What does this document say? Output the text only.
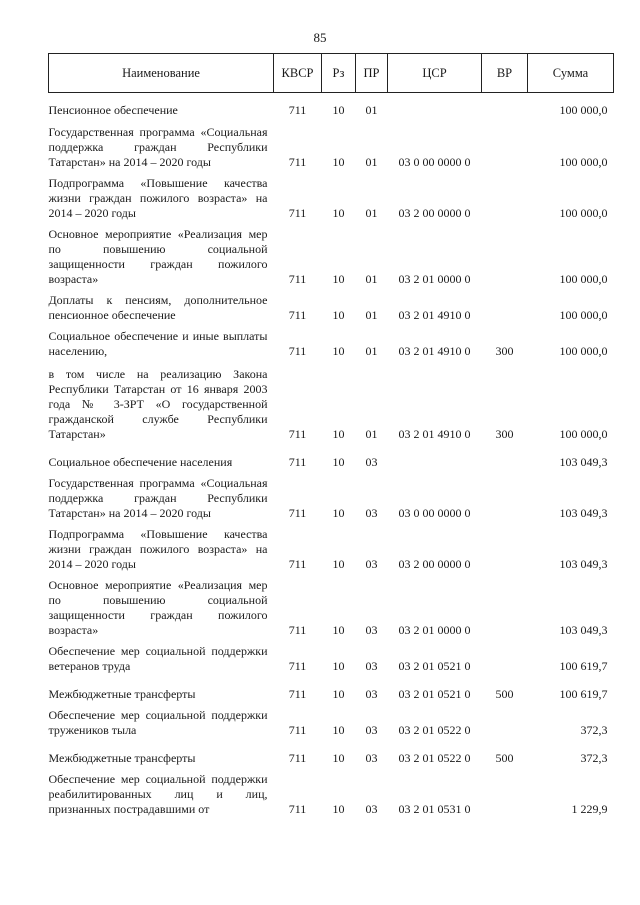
85
Наименование	КВСР	Рз	ПР	ЦСР	ВР	Сумма
Пенсионное обеспечение	711	10	01			100 000,0
Государственная программа «Социальная поддержка граждан Республики Татарстан» на 2014 – 2020 годы	711	10	01	03 0 00 0000 0		100 000,0
Подпрограмма «Повышение качества жизни граждан пожилого возраста» на 2014 – 2020 годы	711	10	01	03 2 00 0000 0		100 000,0
Основное мероприятие «Реализация мер по повышению социальной защищенности граждан пожилого возраста»	711	10	01	03 2 01 0000 0		100 000,0
Доплаты к пенсиям, дополнительное пенсионное обеспечение	711	10	01	03 2 01 4910 0		100 000,0
Социальное обеспечение и иные выплаты населению,	711	10	01	03 2 01 4910 0	300	100 000,0
в том числе на реализацию Закона Республики Татарстан от 16 января 2003 года № 3-ЗРТ «О государственной гражданской службе Республики Татарстан»	711	10	01	03 2 01 4910 0	300	100 000,0
Социальное обеспечение населения	711	10	03			103 049,3
Государственная программа «Социальная поддержка граждан Республики Татарстан» на 2014 – 2020 годы	711	10	03	03 0 00 0000 0		103 049,3
Подпрограмма «Повышение качества жизни граждан пожилого возраста» на 2014 – 2020 годы	711	10	03	03 2 00 0000 0		103 049,3
Основное мероприятие «Реализация мер по повышению социальной защищенности граждан пожилого возраста»	711	10	03	03 2 01 0000 0		103 049,3
Обеспечение мер социальной поддержки ветеранов труда	711	10	03	03 2 01 0521 0		100 619,7
Межбюджетные трансферты	711	10	03	03 2 01 0521 0	500	100 619,7
Обеспечение мер социальной поддержки тружеников тыла	711	10	03	03 2 01 0522 0		372,3
Межбюджетные трансферты	711	10	03	03 2 01 0522 0	500	372,3
Обеспечение мер социальной поддержки реабилитированных лиц и лиц, признанных пострадавшими от	711	10	03	03 2 01 0531 0		1 229,9
